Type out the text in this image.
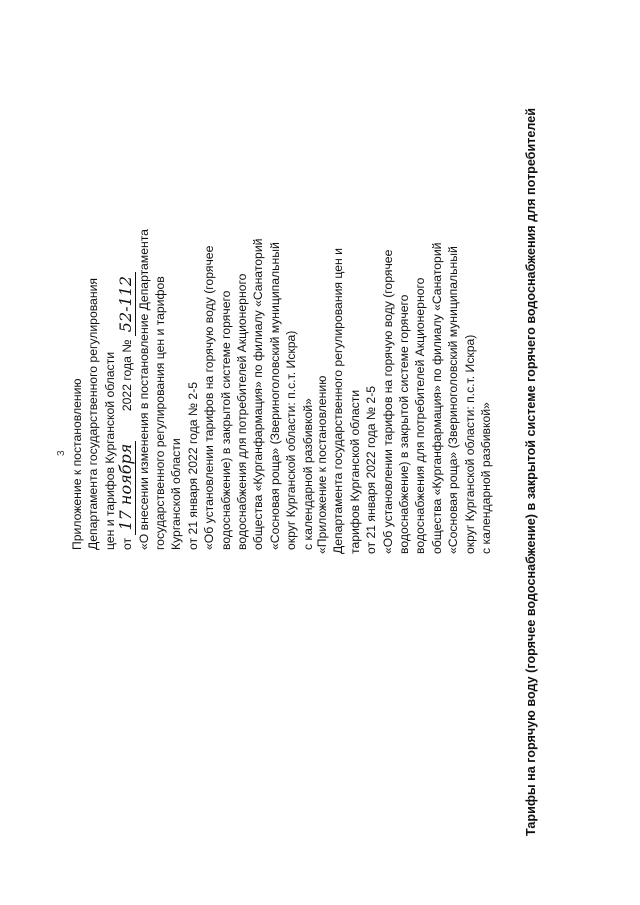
3 Приложение к постановлению Департамента государственного регулирования цен и тарифов Курганской области от 17 ноября 2022 года № 52-112 «О внесении изменения в постановление Департамента государственного регулирования цен и тарифов Курганской области от 21 января 2022 года № 2-5 «Об установлении тарифов на горячую воду (горячее водоснабжение) в закрытой системе горячего водоснабжения для потребителей Акционерного общества «Курганфармация» по филиалу «Санаторий «Сосновая роща» (Звериноголовский муниципальный округ Курганской области: п.с.т. Искра) с календарной разбивкой» «Приложение к постановлению Департамента государственного регулирования цен и тарифов Курганской области от 21 января 2022 года № 2-5 «Об установлении тарифов на горячую воду (горячее водоснабжение) в закрытой системе горячего водоснабжения для потребителей Акционерного общества «Курганфармация» по филиалу «Санаторий «Сосновая роща» (Звериноголовский муниципальный округ Курганской области: п.с.т. Искра) с календарной разбивкой» Тарифы на горячую воду (горячее водоснабжение) в закрытой системе горячего водоснабжения для потребителей
